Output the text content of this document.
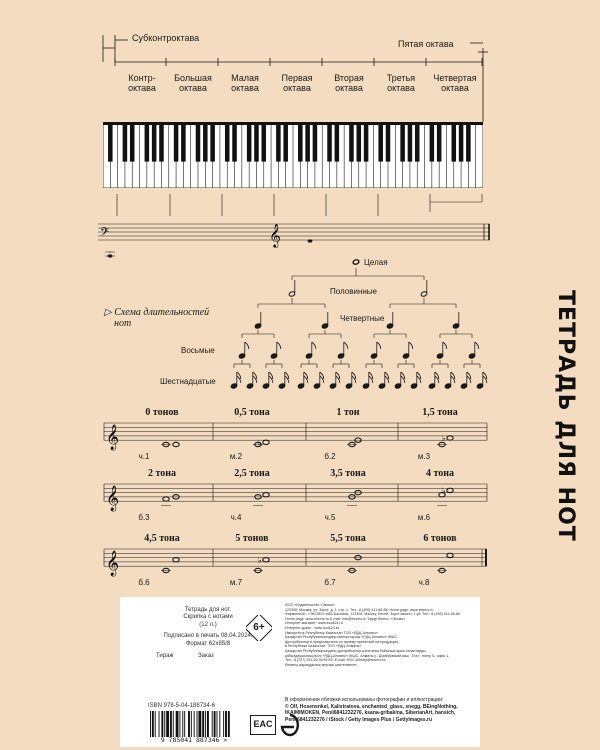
Субконтроктава
Пятая октава
Контр-
октава
Большая
октава
Малая
октава
Первая
октава
Вторая
октава
Третья
октава
Четвертая
октава
𝄢	𝄞
▷ Схема длительностей
нот
Целая
Половинные
Четвертные
Восьмые
Шестнадцатые
0 тонов	0,5 тона	1 тон	1,5 тона
ч.1	м.2	б.2	м.3
2 тона	2,5 тона	3,5 тона	4 тона
б.3	ч.4	ч.5	м.6
4,5 тона	5 тонов	5,5 тона	6 тонов
б.6	м.7	б.7	ч.8
𝄞	♭	♭
𝄞	♭
𝄞	♭
ТЕТРАДЬ ДЛЯ НОТ
Тетрадь для нот.
Скрипка с нотами
(12 л.)
Подписано в печать 08.04.2024.
Формат 62х85/8
Тираж	Заказ
6+
ООО «Издательство «Эксмо»
123308, Москва, ул. Зорге, д. 1, стр. 1. Тел.: 8 (495) 411-68-86. Home page: www.eksmo.ru
Фирменный - «ЭКСМО» АКБ Баспасы, 123308, Мәскеу, Ресей, Зорге көшесі, 1 үй. Тел.: 8 (495) 411-68-86.
Home page: www.eksmo.ru E-mail: info@eksmo.ru Тауар белгісі: «Эксмо»
Интернет-магазин : www.book24.ru
Интернет-дүкен : www.book24.kz
Импортёр в Республику Казахстан ТОО «РДЦ-Алматы».
Қазақстан Республикасындағы импорттаушы «РДЦ-Алматы» ЖШС.
Дистрибьютор и представитель по приему претензий на продукцию,
в Республике Казахстан: ТОО «РДЦ-Алматы»
Қазақстан Республикасындағы дистрибьютор және өнім бойынша арыз-талаптарды
қабылдаушының өкілі «РДЦ-Алматы» ЖШС, Алматы қ., Домбровский көш., 3«а», литер Б, офис 1.
Тел.: 8 (727) 251-59-90/91/92; E-mail: RDC-Almaty@eksmo.kz
Өнімнің жарамдылық мерзімі шектелмеген.
ISBN 978-5-04-188734-6
9 785041 887346 >
EAC
В оформлении обложки использованы фотографии и иллюстрации:
© Olf, Hosenenkel, Kalistratova, enchanted_glass, snegg, BEingNothing,
IKAIMIMOKEN, Penii6841232276, ksana-gribakina, SiberianArt, hansich,
Penii6841232276 / iStock / Getty Images Plus / GettyImages.ru
